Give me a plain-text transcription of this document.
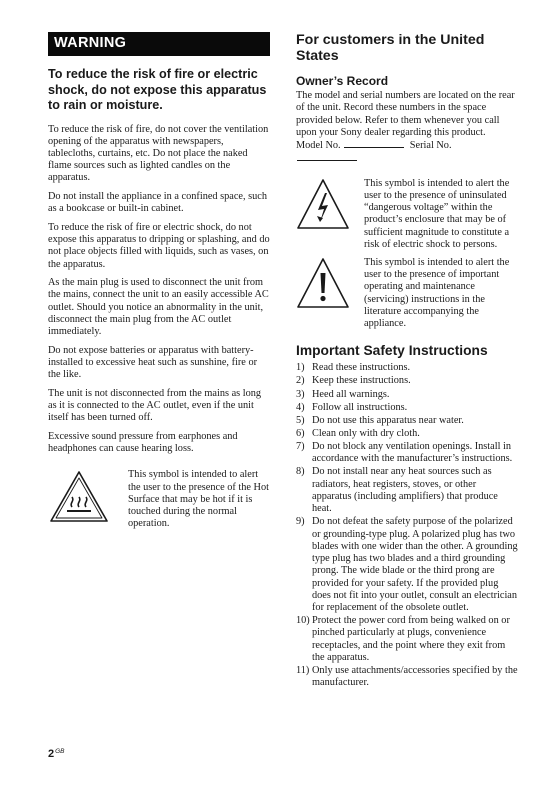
WARNING
To reduce the risk of fire or electric shock, do not expose this apparatus to rain or moisture.

To reduce the risk of fire, do not cover the ventilation opening of the apparatus with newspapers, tablecloths, curtains, etc. Do not place the naked flame sources such as lighted candles on the apparatus.

Do not install the appliance in a confined space, such as a bookcase or built-in cabinet.

To reduce the risk of fire or electric shock, do not expose this apparatus to dripping or splashing, and do not place objects filled with liquids, such as vases, on the apparatus.

As the main plug is used to disconnect the unit from the mains, connect the unit to an easily accessible AC outlet. Should you notice an abnormality in the unit, disconnect the main plug from the AC outlet immediately.

Do not expose batteries or apparatus with battery-installed to excessive heat such as sunshine, fire or the like.

The unit is not disconnected from the mains as long as it is connected to the AC outlet, even if the unit itself has been turned off.

Excessive sound pressure from earphones and headphones can cause hearing loss.

This symbol is intended to alert the user to the presence of the Hot Surface that may be hot if it is touched during the normal operation.
For customers in the United States
Owner’s Record

The model and serial numbers are located on the rear of the unit. Record these numbers in the space provided below. Refer to them whenever you call upon your Sony dealer regarding this product.

Model No.	Serial No.

This symbol is intended to alert the user to the presence of uninsulated “dangerous voltage” within the product’s enclosure that may be of sufficient magnitude to constitute a risk of electric shock to persons.
This symbol is intended to alert the user to the presence of important operating and maintenance (servicing) instructions in the literature accompanying the appliance.
Important Safety Instructions
1) Read these instructions.
2) Keep these instructions.
3) Heed all warnings.
4) Follow all instructions.
5) Do not use this apparatus near water.
6) Clean only with dry cloth.
7) Do not block any ventilation openings. Install in accordance with the manufacturer’s instructions.
8) Do not install near any heat sources such as radiators, heat registers, stoves, or other apparatus (including amplifiers) that produce heat.
9) Do not defeat the safety purpose of the polarized or grounding-type plug. A polarized plug has two blades with one wider than the other. A grounding type plug has two blades and a third grounding prong. The wide blade or the third prong are provided for your safety. If the provided plug does not fit into your outlet, consult an electrician for replacement of the obsolete outlet.
10) Protect the power cord from being walked on or pinched particularly at plugs, convenience receptacles, and the point where they exit from the apparatus.
11) Only use attachments/accessories specified by the manufacturer.
$2^{GB}$
